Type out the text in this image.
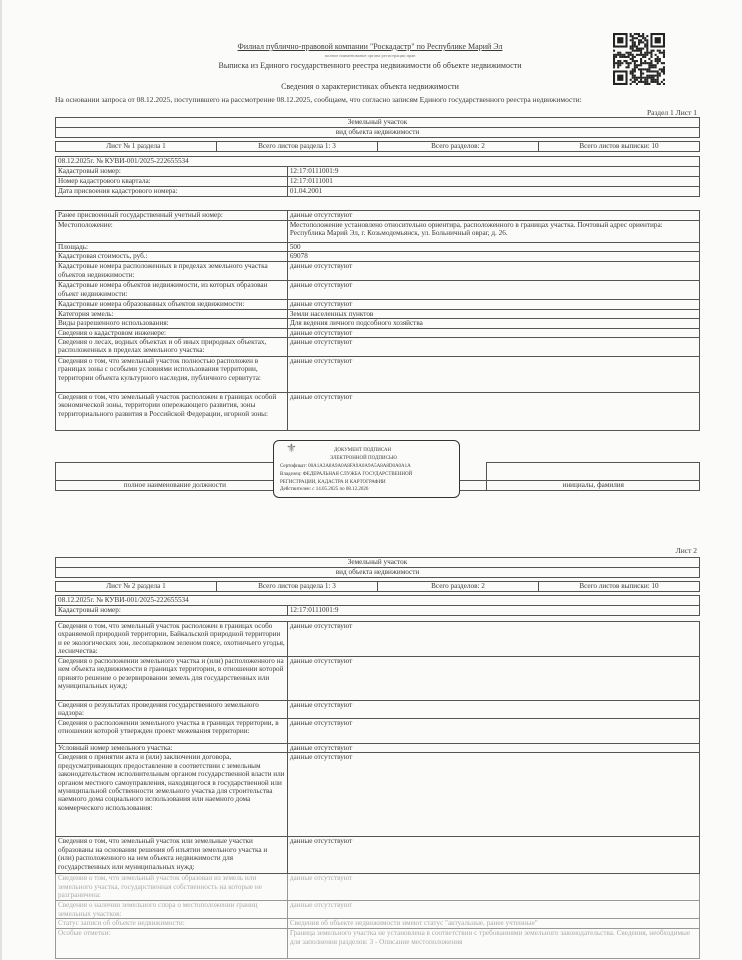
Филиал публично-правовой компании "Роскадастр" по Республике Марий Эл
полное наименование органа регистрации прав
Выписка из Единого государственного реестра недвижимости об объекте недвижимости
Сведения о характеристиках объекта недвижимости
На основании запроса от 08.12.2025, поступившего на рассмотрение 08.12.2025, сообщаем, что согласно записям Единого государственного реестра недвижимости:
Раздел 1 Лист 1
Земельный участок
вид объекта недвижимости
Лист № 1 раздела 1	Всего листов раздела 1: 3	Всего разделов: 2	Всего листов выписки: 10
08.12.2025г. № КУВИ-001/2025-222655534	
Кадастровый номер:	12:17:0111001:9
Номер кадастрового квартала:	12:17:0111001
Дата присвоения кадастрового номера:	01.04.2001
Ранее присвоенный государственный учетный номер:	данные отсутствуют
Местоположение:	Местоположение установлено относительно ориентира, расположенного в границах участка. Почтовый адрес ориентира: Республика Марий Эл, г. Козьмодемьянск, ул. Больничный овраг, д. 26.
Площадь:	500
Кадастровая стоимость, руб.:	69078
Кадастровые номера расположенных в пределах земельного участка объектов недвижимости:	данные отсутствуют
Кадастровые номера объектов недвижимости, из которых образован объект недвижимости:	данные отсутствуют
Кадастровые номера образованных объектов недвижимости:	данные отсутствуют
Категория земель:	Земли населенных пунктов
Виды разрешенного использования:	Для ведения личного подсобного хозяйства
Сведения о кадастровом инженере:	данные отсутствуют
Сведения о лесах, водных объектах и об иных природных объектах, расположенных в пределах земельного участка:	данные отсутствуют
Сведения о том, что земельный участок полностью расположен в границах зоны с особыми условиями использования территории, территории объекта культурного наследия, публичного сервитута:	данные отсутствуют
Сведения о том, что земельный участок расположен в границах особой экономической зоны, территории опережающего развития, зоны территориального развития в Российской Федерации, игорной зоны:	данные отсутствуют

полное наименование должности		инициалы, фамилия
⚜	ДОКУМЕНТ ПОДПИСАН
ЭЛЕКТРОННОЙ ПОДПИСЬЮ
Сертификат: 00A1A3A8A9A0A8FA9A0A9A5A8A8D0A0A1A
Владелец: ФЕДЕРАЛЬНАЯ СЛУЖБА ГОСУДАРСТВЕННОЙ
РЕГИСТРАЦИИ, КАДАСТРА И КАРТОГРАФИИ
Действителен: с 14.05.2025 по 08.12.2026
Лист 2
Земельный участок
вид объекта недвижимости
Лист № 2 раздела 1	Всего листов раздела 1: 3	Всего разделов: 2	Всего листов выписки: 10
08.12.2025г. № КУВИ-001/2025-222655534
Кадастровый номер:	12:17:0111001:9
Сведения о том, что земельный участок расположен в границах особо охраняемой природной территории, Байкальской природной территории и ее экологических зон, лесопарковом зеленом поясе, охотничьего угодья, лесничества:	данные отсутствуют
Сведения о расположении земельного участка и (или) расположенного на нем объекта недвижимости в границах территории, в отношении которой принято решение о резервировании земель для государственных или муниципальных нужд:	данные отсутствуют
Сведения о результатах проведения государственного земельного надзора:	данные отсутствуют
Сведения о расположении земельного участка в границах территории, в отношении которой утвержден проект межевания территории:	данные отсутствуют
Условный номер земельного участка:	данные отсутствуют
Сведения о принятии акта и (или) заключении договора, предусматривающих предоставление в соответствии с земельным законодательством исполнительным органом государственной власти или органом местного самоуправления, находящегося в государственной или муниципальной собственности земельного участка для строительства наемного дома социального использования или наемного дома коммерческого использования:	данные отсутствуют
Сведения о том, что земельный участок или земельные участки образованы на основании решения об изъятии земельного участка и (или) расположенного на нем объекта недвижимости для государственных или муниципальных нужд:	данные отсутствуют
Сведения о том, что земельный участок образован из земель или земельного участка, государственная собственность на которые не разграничена:	данные отсутствуют
Сведения о наличии земельного спора о местоположении границ земельных участков:	данные отсутствуют
Статус записи об объекте недвижимости:	Сведения об объекте недвижимости имеют статус "актуальные, ранее учтенные"
Особые отметки:	Граница земельного участка не установлена в соответствии с требованиями земельного законодательства. Сведения, необходимые для заполнения разделов: 3 - Описание местоположения
